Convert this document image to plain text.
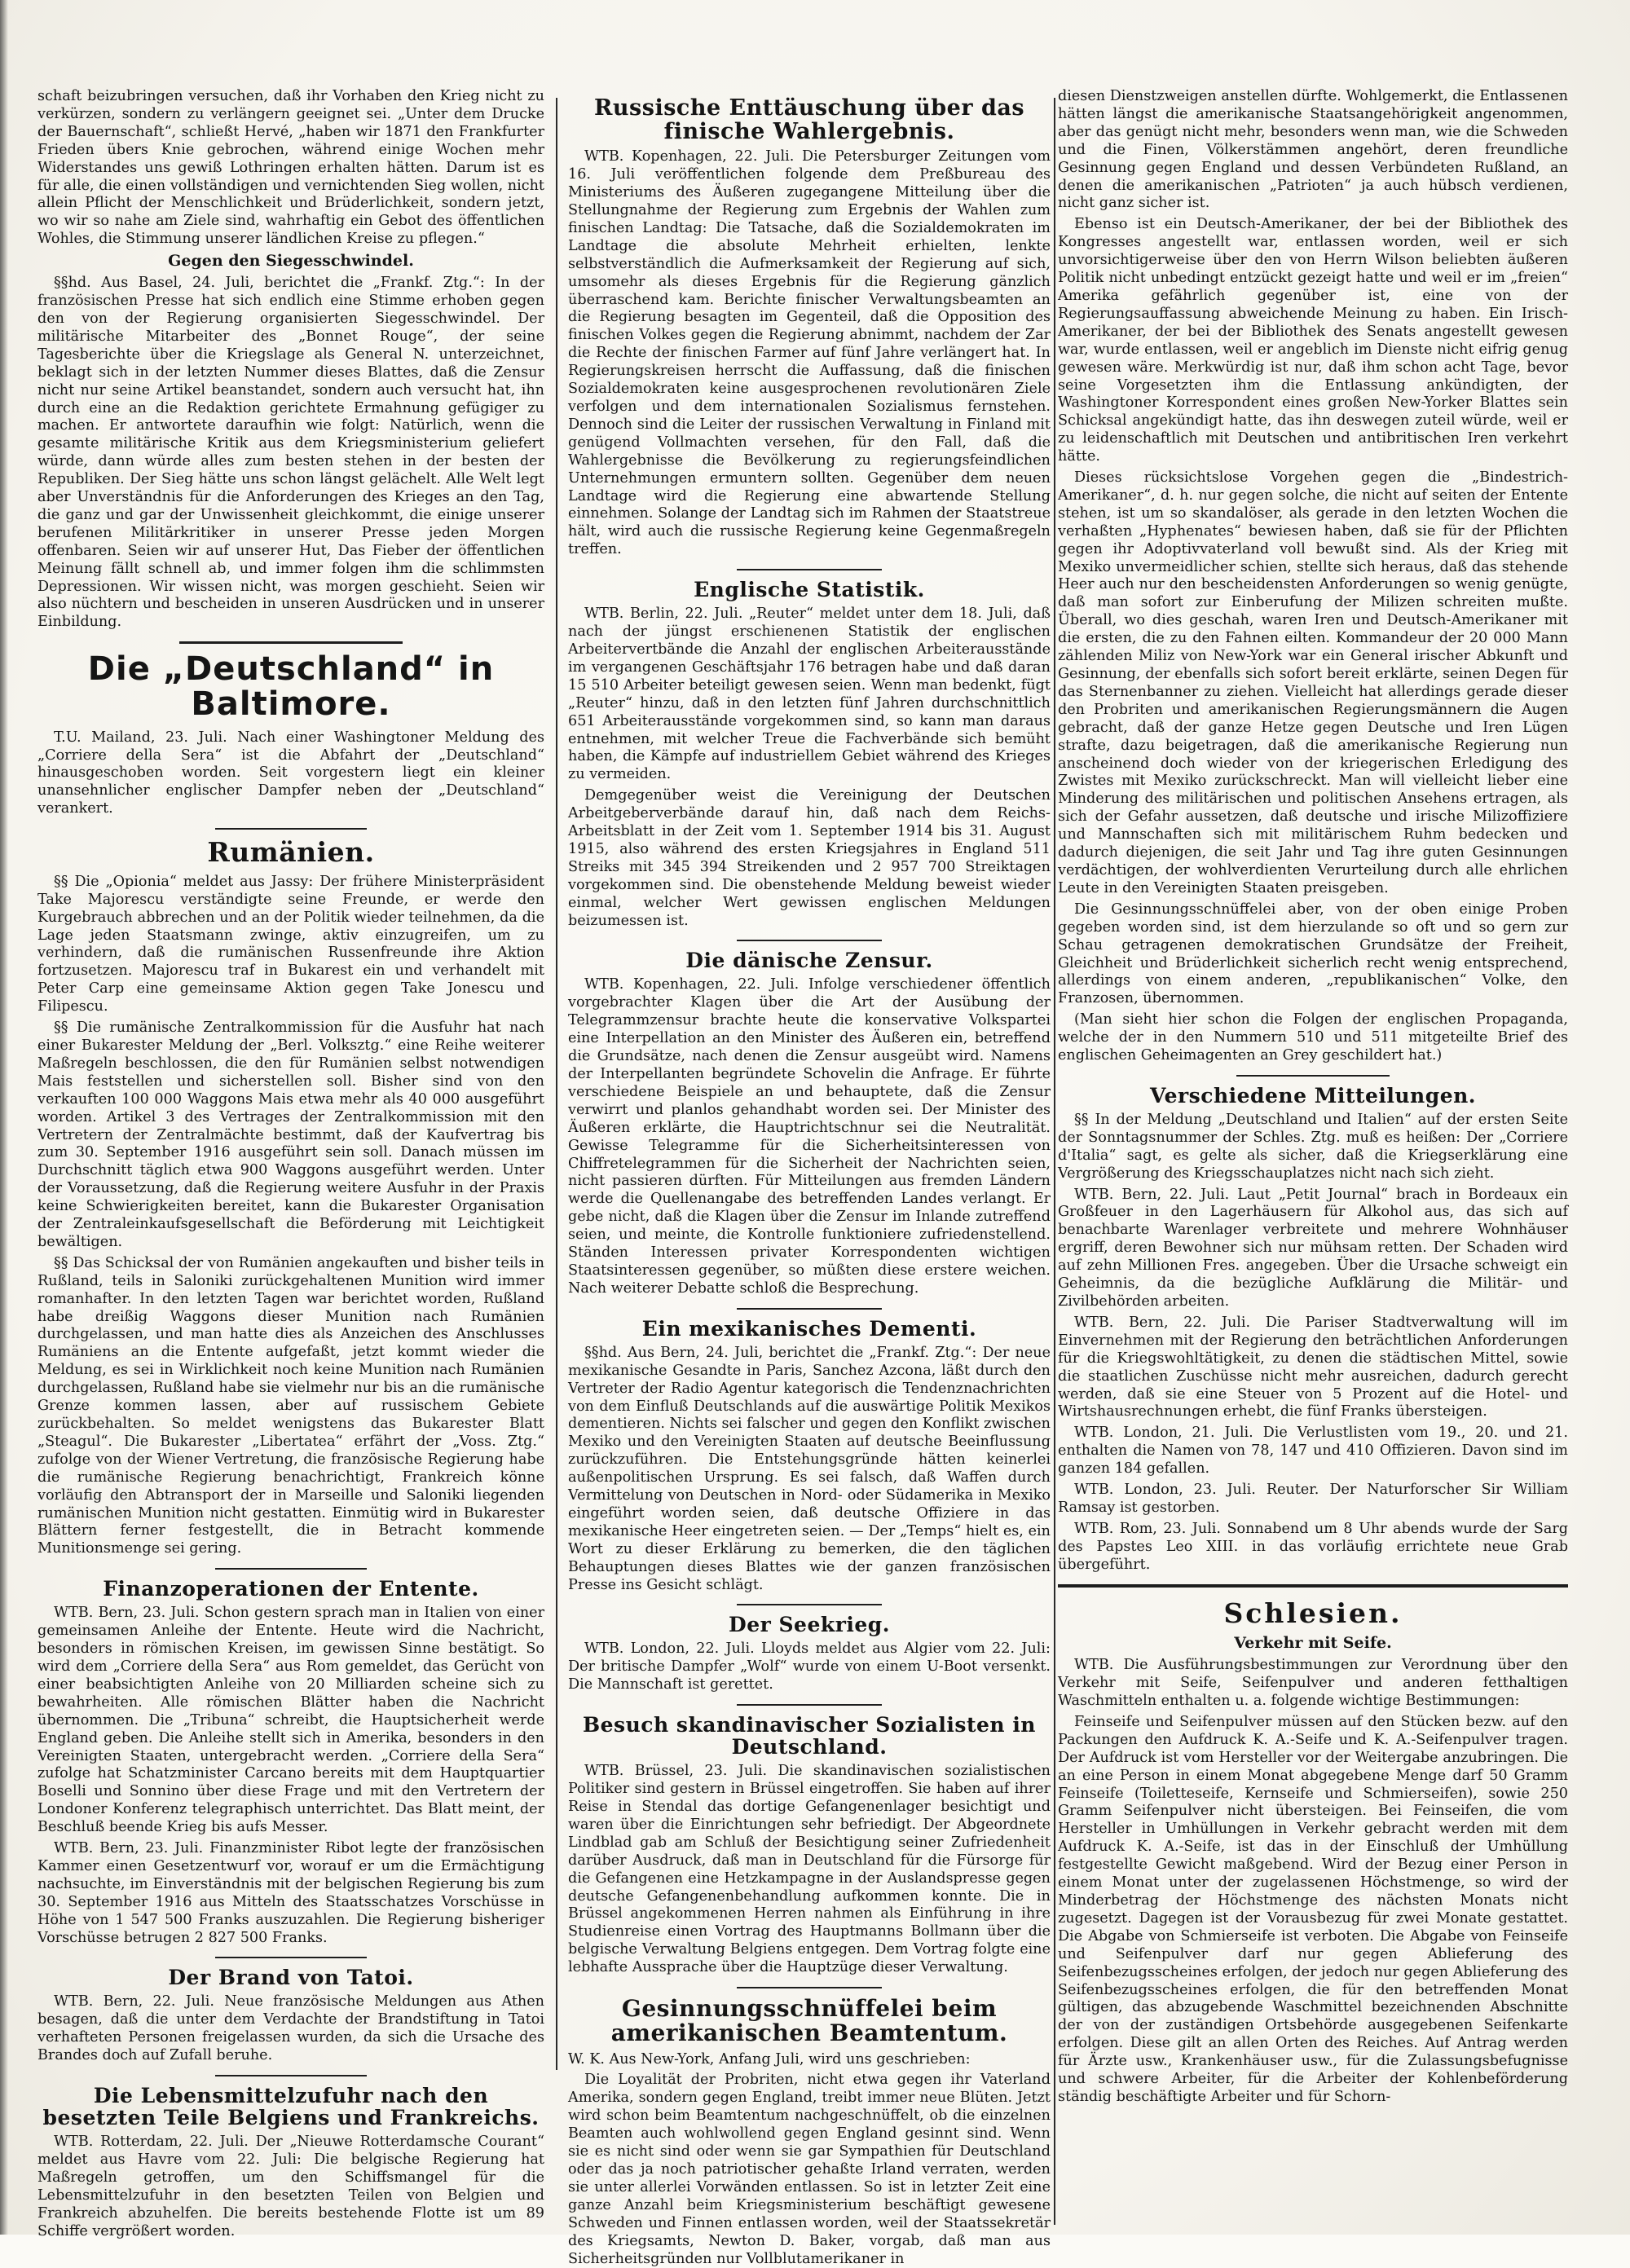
schaft beizubringen versuchen, daß ihr Vorhaben den Krieg nicht zu verkürzen, sondern zu verlängern geeignet sei. „Unter dem Drucke der Bauernschaft“, schließt Hervé, „haben wir 1871 den Frankfurter Frieden übers Knie gebrochen, während einige Wochen mehr Widerstandes uns gewiß Lothringen erhalten hätten. Darum ist es für alle, die einen vollständigen und vernichtenden Sieg wollen, nicht allein Pflicht der Menschlichkeit und Brüderlichkeit, sondern jetzt, wo wir so nahe am Ziele sind, wahrhaftig ein Gebot des öffentlichen Wohles, die Stimmung unserer ländlichen Kreise zu pflegen.“

Gegen den Siegesschwindel.

§§hd. Aus Basel, 24. Juli, berichtet die „Frankf. Ztg.“: In der französischen Presse hat sich endlich eine Stimme erhoben gegen den von der Regierung organisierten Siegesschwindel. Der militärische Mitarbeiter des „Bonnet Rouge“, der seine Tagesberichte über die Kriegslage als General N. unterzeichnet, beklagt sich in der letzten Nummer dieses Blattes, daß die Zensur nicht nur seine Artikel beanstandet, sondern auch versucht hat, ihn durch eine an die Redaktion gerichtete Ermahnung gefügiger zu machen. Er antwortete daraufhin wie folgt: Natürlich, wenn die gesamte militärische Kritik aus dem Kriegsministerium geliefert würde, dann würde alles zum besten stehen in der besten der Republiken. Der Sieg hätte uns schon längst gelächelt. Alle Welt legt aber Unverständnis für die Anforderungen des Krieges an den Tag, die ganz und gar der Unwissenheit gleichkommt, die einige unserer berufenen Militärkritiker in unserer Presse jeden Morgen offenbaren. Seien wir auf unserer Hut, Das Fieber der öffentlichen Meinung fällt schnell ab, und immer folgen ihm die schlimmsten Depressionen. Wir wissen nicht, was morgen geschieht. Seien wir also nüchtern und bescheiden in unseren Ausdrücken und in unserer Einbildung.

Die „Deutschland“ in Baltimore.

T.U. Mailand, 23. Juli. Nach einer Washingtoner Meldung des „Corriere della Sera“ ist die Abfahrt der „Deutschland“ hinausgeschoben worden. Seit vorgestern liegt ein kleiner unansehnlicher englischer Dampfer neben der „Deutschland“ verankert.

Rumänien.

§§ Die „Opionia“ meldet aus Jassy: Der frühere Ministerpräsident Take Majorescu verständigte seine Freunde, er werde den Kurgebrauch abbrechen und an der Politik wieder teilnehmen, da die Lage jeden Staatsmann zwinge, aktiv einzugreifen, um zu verhindern, daß die rumänischen Russenfreunde ihre Aktion fortzusetzen. Majorescu traf in Bukarest ein und verhandelt mit Peter Carp eine gemeinsame Aktion gegen Take Jonescu und Filipescu.

§§ Die rumänische Zentralkommission für die Ausfuhr hat nach einer Bukarester Meldung der „Berl. Volksztg.“ eine Reihe weiterer Maßregeln beschlossen, die den für Rumänien selbst notwendigen Mais feststellen und sicherstellen soll. Bisher sind von den verkauften 100 000 Waggons Mais etwa mehr als 40 000 ausgeführt worden. Artikel 3 des Vertrages der Zentralkommission mit den Vertretern der Zentralmächte bestimmt, daß der Kaufvertrag bis zum 30. September 1916 ausgeführt sein soll. Danach müssen im Durchschnitt täglich etwa 900 Waggons ausgeführt werden. Unter der Voraussetzung, daß die Regierung weitere Ausfuhr in der Praxis keine Schwierigkeiten bereitet, kann die Bukarester Organisation der Zentraleinkaufsgesellschaft die Beförderung mit Leichtigkeit bewältigen.

§§ Das Schicksal der von Rumänien angekauften und bisher teils in Rußland, teils in Saloniki zurückgehaltenen Munition wird immer romanhafter. In den letzten Tagen war berichtet worden, Rußland habe dreißig Waggons dieser Munition nach Rumänien durchgelassen, und man hatte dies als Anzeichen des Anschlusses Rumäniens an die Entente aufgefaßt, jetzt kommt wieder die Meldung, es sei in Wirklichkeit noch keine Munition nach Rumänien durchgelassen, Rußland habe sie vielmehr nur bis an die rumänische Grenze kommen lassen, aber auf russischem Gebiete zurückbehalten. So meldet wenigstens das Bukarester Blatt „Steagul“. Die Bukarester „Libertatea“ erfährt der „Voss. Ztg.“ zufolge von der Wiener Vertretung, die französische Regierung habe die rumänische Regierung benachrichtigt, Frankreich könne vorläufig den Abtransport der in Marseille und Saloniki liegenden rumänischen Munition nicht gestatten. Einmütig wird in Bukarester Blättern ferner festgestellt, die in Betracht kommende Munitionsmenge sei gering.

Finanzoperationen der Entente.

WTB. Bern, 23. Juli. Schon gestern sprach man in Italien von einer gemeinsamen Anleihe der Entente. Heute wird die Nachricht, besonders in römischen Kreisen, im gewissen Sinne bestätigt. So wird dem „Corriere della Sera“ aus Rom gemeldet, das Gerücht von einer beabsichtigten Anleihe von 20 Milliarden scheine sich zu bewahrheiten. Alle römischen Blätter haben die Nachricht übernommen. Die „Tribuna“ schreibt, die Hauptsicherheit werde England geben. Die Anleihe stellt sich in Amerika, besonders in den Vereinigten Staaten, untergebracht werden. „Corriere della Sera“ zufolge hat Schatzminister Carcano bereits mit dem Hauptquartier Boselli und Sonnino über diese Frage und mit den Vertretern der Londoner Konferenz telegraphisch unterrichtet. Das Blatt meint, der Beschluß beende Krieg bis aufs Messer.

WTB. Bern, 23. Juli. Finanzminister Ribot legte der französischen Kammer einen Gesetzentwurf vor, worauf er um die Ermächtigung nachsuchte, im Einverständnis mit der belgischen Regierung bis zum 30. September 1916 aus Mitteln des Staatsschatzes Vorschüsse in Höhe von 1 547 500 Franks auszuzahlen. Die Regierung bisheriger Vorschüsse betrugen 2 827 500 Franks.

Der Brand von Tatoi.

WTB. Bern, 22. Juli. Neue französische Meldungen aus Athen besagen, daß die unter dem Verdachte der Brandstiftung in Tatoi verhafteten Personen freigelassen wurden, da sich die Ursache des Brandes doch auf Zufall beruhe.

Die Lebensmittelzufuhr nach den besetzten Teile Belgiens und Frankreichs.

WTB. Rotterdam, 22. Juli. Der „Nieuwe Rotterdamsche Courant“ meldet aus Havre vom 22. Juli: Die belgische Regierung hat Maßregeln getroffen, um den Schiffsmangel für die Lebensmittelzufuhr in den besetzten Teilen von Belgien und Frankreich abzuhelfen. Die bereits bestehende Flotte ist um 89 Schiffe vergrößert worden.

Russische Enttäuschung über das finische Wahlergebnis.

WTB. Kopenhagen, 22. Juli. Die Petersburger Zeitungen vom 16. Juli veröffentlichen folgende dem Preßbureau des Ministeriums des Äußeren zugegangene Mitteilung über die Stellungnahme der Regierung zum Ergebnis der Wahlen zum finischen Landtag: Die Tatsache, daß die Sozialdemokraten im Landtage die absolute Mehrheit erhielten, lenkte selbstverständlich die Aufmerksamkeit der Regierung auf sich, umsomehr als dieses Ergebnis für die Regierung gänzlich überraschend kam. Berichte finischer Verwaltungsbeamten an die Regierung besagten im Gegenteil, daß die Opposition des finischen Volkes gegen die Regierung abnimmt, nachdem der Zar die Rechte der finischen Farmer auf fünf Jahre verlängert hat. In Regierungskreisen herrscht die Auffassung, daß die finischen Sozialdemokraten keine ausgesprochenen revolutionären Ziele verfolgen und dem internationalen Sozialismus fernstehen. Dennoch sind die Leiter der russischen Verwaltung in Finland mit genügend Vollmachten versehen, für den Fall, daß die Wahlergebnisse die Bevölkerung zu regierungsfeindlichen Unternehmungen ermuntern sollten. Gegenüber dem neuen Landtage wird die Regierung eine abwartende Stellung einnehmen. Solange der Landtag sich im Rahmen der Staatstreue hält, wird auch die russische Regierung keine Gegenmaßregeln treffen.

Englische Statistik.

WTB. Berlin, 22. Juli. „Reuter“ meldet unter dem 18. Juli, daß nach der jüngst erschienenen Statistik der englischen Arbeitervertbände die Anzahl der englischen Arbeiterausstände im vergangenen Geschäftsjahr 176 betragen habe und daß daran 15 510 Arbeiter beteiligt gewesen seien. Wenn man bedenkt, fügt „Reuter“ hinzu, daß in den letzten fünf Jahren durchschnittlich 651 Arbeiterausstände vorgekommen sind, so kann man daraus entnehmen, mit welcher Treue die Fachverbände sich bemüht haben, die Kämpfe auf industriellem Gebiet während des Krieges zu vermeiden.

Demgegenüber weist die Vereinigung der Deutschen Arbeitgeberverbände darauf hin, daß nach dem Reichs-Arbeitsblatt in der Zeit vom 1. September 1914 bis 31. August 1915, also während des ersten Kriegsjahres in England 511 Streiks mit 345 394 Streikenden und 2 957 700 Streiktagen vorgekommen sind. Die obenstehende Meldung beweist wieder einmal, welcher Wert gewissen englischen Meldungen beizumessen ist.

Die dänische Zensur.

WTB. Kopenhagen, 22. Juli. Infolge verschiedener öffentlich vorgebrachter Klagen über die Art der Ausübung der Telegrammzensur brachte heute die konservative Volkspartei eine Interpellation an den Minister des Äußeren ein, betreffend die Grundsätze, nach denen die Zensur ausgeübt wird. Namens der Interpellanten begründete Schovelin die Anfrage. Er führte verschiedene Beispiele an und behauptete, daß die Zensur verwirrt und planlos gehandhabt worden sei. Der Minister des Äußeren erklärte, die Hauptrichtschnur sei die Neutralität. Gewisse Telegramme für die Sicherheitsinteressen von Chiffretelegrammen für die Sicherheit der Nachrichten seien, nicht passieren dürften. Für Mitteilungen aus fremden Ländern werde die Quellenangabe des betreffenden Landes verlangt. Er gebe nicht, daß die Klagen über die Zensur im Inlande zutreffend seien, und meinte, die Kontrolle funktioniere zufriedenstellend. Ständen Interessen privater Korrespondenten wichtigen Staatsinteressen gegenüber, so müßten diese erstere weichen. Nach weiterer Debatte schloß die Besprechung.

Ein mexikanisches Dementi.

§§hd. Aus Bern, 24. Juli, berichtet die „Frankf. Ztg.“: Der neue mexikanische Gesandte in Paris, Sanchez Azcona, läßt durch den Vertreter der Radio Agentur kategorisch die Tendenznachrichten von dem Einfluß Deutschlands auf die auswärtige Politik Mexikos dementieren. Nichts sei falscher und gegen den Konflikt zwischen Mexiko und den Vereinigten Staaten auf deutsche Beeinflussung zurückzuführen. Die Entstehungsgründe hätten keinerlei außenpolitischen Ursprung. Es sei falsch, daß Waffen durch Vermittelung von Deutschen in Nord- oder Südamerika in Mexiko eingeführt worden seien, daß deutsche Offiziere in das mexikanische Heer eingetreten seien. — Der „Temps“ hielt es, ein Wort zu dieser Erklärung zu bemerken, die den täglichen Behauptungen dieses Blattes wie der ganzen französischen Presse ins Gesicht schlägt.

Der Seekrieg.

WTB. London, 22. Juli. Lloyds meldet aus Algier vom 22. Juli: Der britische Dampfer „Wolf“ wurde von einem U-Boot versenkt. Die Mannschaft ist gerettet.

Besuch skandinavischer Sozialisten in Deutschland.

WTB. Brüssel, 23. Juli. Die skandinavischen sozialistischen Politiker sind gestern in Brüssel eingetroffen. Sie haben auf ihrer Reise in Stendal das dortige Gefangenenlager besichtigt und waren über die Einrichtungen sehr befriedigt. Der Abgeordnete Lindblad gab am Schluß der Besichtigung seiner Zufriedenheit darüber Ausdruck, daß man in Deutschland für die Fürsorge für die Gefangenen eine Hetzkampagne in der Auslandspresse gegen deutsche Gefangenenbehandlung aufkommen konnte. Die in Brüssel angekommenen Herren nahmen als Einführung in ihre Studienreise einen Vortrag des Hauptmanns Bollmann über die belgische Verwaltung Belgiens entgegen. Dem Vortrag folgte eine lebhafte Aussprache über die Hauptzüge dieser Verwaltung.

Gesinnungsschnüffelei beim amerikanischen Beamtentum.

W. K. Aus New-York, Anfang Juli, wird uns geschrieben:

Die Loyalität der Probriten, nicht etwa gegen ihr Vaterland Amerika, sondern gegen England, treibt immer neue Blüten. Jetzt wird schon beim Beamtentum nachgeschnüffelt, ob die einzelnen Beamten auch wohlwollend gegen England gesinnt sind. Wenn sie es nicht sind oder wenn sie gar Sympathien für Deutschland oder das ja noch patriotischer gehaßte Irland verraten, werden sie unter allerlei Vorwänden entlassen. So ist in letzter Zeit eine ganze Anzahl beim Kriegsministerium beschäftigt gewesene Schweden und Finnen entlassen worden, weil der Staatssekretär des Kriegsamts, Newton D. Baker, vorgab, daß man aus Sicherheitsgründen nur Vollblutamerikaner in

diesen Dienstzweigen anstellen dürfte. Wohlgemerkt, die Entlassenen hätten längst die amerikanische Staatsangehörigkeit angenommen, aber das genügt nicht mehr, besonders wenn man, wie die Schweden und die Finen, Völkerstämmen angehört, deren freundliche Gesinnung gegen England und dessen Verbündeten Rußland, an denen die amerikanischen „Patrioten“ ja auch hübsch verdienen, nicht ganz sicher ist.

Ebenso ist ein Deutsch-Amerikaner, der bei der Bibliothek des Kongresses angestellt war, entlassen worden, weil er sich unvorsichtigerweise über den von Herrn Wilson beliebten äußeren Politik nicht unbedingt entzückt gezeigt hatte und weil er im „freien“ Amerika gefährlich gegenüber ist, eine von der Regierungsauffassung abweichende Meinung zu haben. Ein Irisch-Amerikaner, der bei der Bibliothek des Senats angestellt gewesen war, wurde entlassen, weil er angeblich im Dienste nicht eifrig genug gewesen wäre. Merkwürdig ist nur, daß ihm schon acht Tage, bevor seine Vorgesetzten ihm die Entlassung ankündigten, der Washingtoner Korrespondent eines großen New-Yorker Blattes sein Schicksal angekündigt hatte, das ihn deswegen zuteil würde, weil er zu leidenschaftlich mit Deutschen und antibritischen Iren verkehrt hätte.

Dieses rücksichtslose Vorgehen gegen die „Bindestrich-Amerikaner“, d. h. nur gegen solche, die nicht auf seiten der Entente stehen, ist um so skandalöser, als gerade in den letzten Wochen die verhaßten „Hyphenates“ bewiesen haben, daß sie für der Pflichten gegen ihr Adoptivvaterland voll bewußt sind. Als der Krieg mit Mexiko unvermeidlicher schien, stellte sich heraus, daß das stehende Heer auch nur den bescheidensten Anforderungen so wenig genügte, daß man sofort zur Einberufung der Milizen schreiten mußte. Überall, wo dies geschah, waren Iren und Deutsch-Amerikaner mit die ersten, die zu den Fahnen eilten. Kommandeur der 20 000 Mann zählenden Miliz von New-York war ein General irischer Abkunft und Gesinnung, der ebenfalls sich sofort bereit erklärte, seinen Degen für das Sternenbanner zu ziehen. Vielleicht hat allerdings gerade dieser den Probriten und amerikanischen Regierungsmännern die Augen gebracht, daß der ganze Hetze gegen Deutsche und Iren Lügen strafte, dazu beigetragen, daß die amerikanische Regierung nun anscheinend doch wieder von der kriegerischen Erledigung des Zwistes mit Mexiko zurückschreckt. Man will vielleicht lieber eine Minderung des militärischen und politischen Ansehens ertragen, als sich der Gefahr aussetzen, daß deutsche und irische Milizoffiziere und Mannschaften sich mit militärischem Ruhm bedecken und dadurch diejenigen, die seit Jahr und Tag ihre guten Gesinnungen verdächtigen, der wohlverdienten Verurteilung durch alle ehrlichen Leute in den Vereinigten Staaten preisgeben.

Die Gesinnungsschnüffelei aber, von der oben einige Proben gegeben worden sind, ist dem hierzulande so oft und so gern zur Schau getragenen demokratischen Grundsätze der Freiheit, Gleichheit und Brüderlichkeit sicherlich recht wenig entsprechend, allerdings von einem anderen, „republikanischen“ Volke, den Franzosen, übernommen.

(Man sieht hier schon die Folgen der englischen Propaganda, welche der in den Nummern 510 und 511 mitgeteilte Brief des englischen Geheimagenten an Grey geschildert hat.)

Verschiedene Mitteilungen.

§§ In der Meldung „Deutschland und Italien“ auf der ersten Seite der Sonntagsnummer der Schles. Ztg. muß es heißen: Der „Corriere d'Italia“ sagt, es gelte als sicher, daß die Kriegserklärung eine Vergrößerung des Kriegsschauplatzes nicht nach sich zieht.

WTB. Bern, 22. Juli. Laut „Petit Journal“ brach in Bordeaux ein Großfeuer in den Lagerhäusern für Alkohol aus, das sich auf benachbarte Warenlager verbreitete und mehrere Wohnhäuser ergriff, deren Bewohner sich nur mühsam retten. Der Schaden wird auf zehn Millionen Fres. angegeben. Über die Ursache schweigt ein Geheimnis, da die bezügliche Aufklärung die Militär- und Zivilbehörden arbeiten.

WTB. Bern, 22. Juli. Die Pariser Stadtverwaltung will im Einvernehmen mit der Regierung den beträchtlichen Anforderungen für die Kriegswohltätigkeit, zu denen die städtischen Mittel, sowie die staatlichen Zuschüsse nicht mehr ausreichen, dadurch gerecht werden, daß sie eine Steuer von 5 Prozent auf die Hotel- und Wirtshausrechnungen erhebt, die fünf Franks übersteigen.

WTB. London, 21. Juli. Die Verlustlisten vom 19., 20. und 21. enthalten die Namen von 78, 147 und 410 Offizieren. Davon sind im ganzen 184 gefallen.

WTB. London, 23. Juli. Reuter. Der Naturforscher Sir William Ramsay ist gestorben.

WTB. Rom, 23. Juli. Sonnabend um 8 Uhr abends wurde der Sarg des Papstes Leo XIII. in das vorläufig errichtete neue Grab übergeführt.

Schlesien.
Verkehr mit Seife.

WTB. Die Ausführungsbestimmungen zur Verordnung über den Verkehr mit Seife, Seifenpulver und anderen fetthaltigen Waschmitteln enthalten u. a. folgende wichtige Bestimmungen:

Feinseife und Seifenpulver müssen auf den Stücken bezw. auf den Packungen den Aufdruck K. A.-Seife und K. A.-Seifenpulver tragen. Der Aufdruck ist vom Hersteller vor der Weitergabe anzubringen. Die an eine Person in einem Monat abgegebene Menge darf 50 Gramm Feinseife (Toiletteseife, Kernseife und Schmierseifen), sowie 250 Gramm Seifenpulver nicht übersteigen. Bei Feinseifen, die vom Hersteller in Umhüllungen in Verkehr gebracht werden mit dem Aufdruck K. A.-Seife, ist das in der Einschluß der Umhüllung festgestellte Gewicht maßgebend. Wird der Bezug einer Person in einem Monat unter der zugelassenen Höchstmenge, so wird der Minderbetrag der Höchstmenge des nächsten Monats nicht zugesetzt. Dagegen ist der Vorausbezug für zwei Monate gestattet. Die Abgabe von Schmierseife ist verboten. Die Abgabe von Feinseife und Seifenpulver darf nur gegen Ablieferung des Seifenbezugsscheines erfolgen, der jedoch nur gegen Ablieferung des Seifenbezugsscheines erfolgen, die für den betreffenden Monat gültigen, das abzugebende Waschmittel bezeichnenden Abschnitte der von der zuständigen Ortsbehörde ausgegebenen Seifenkarte erfolgen. Diese gilt an allen Orten des Reiches. Auf Antrag werden für Ärzte usw., Krankenhäuser usw., für die Zulassungsbefugnisse und schwere Arbeiter, für die Arbeiter der Kohlenbeförderung ständig beschäftigte Arbeiter und für Schorn-
